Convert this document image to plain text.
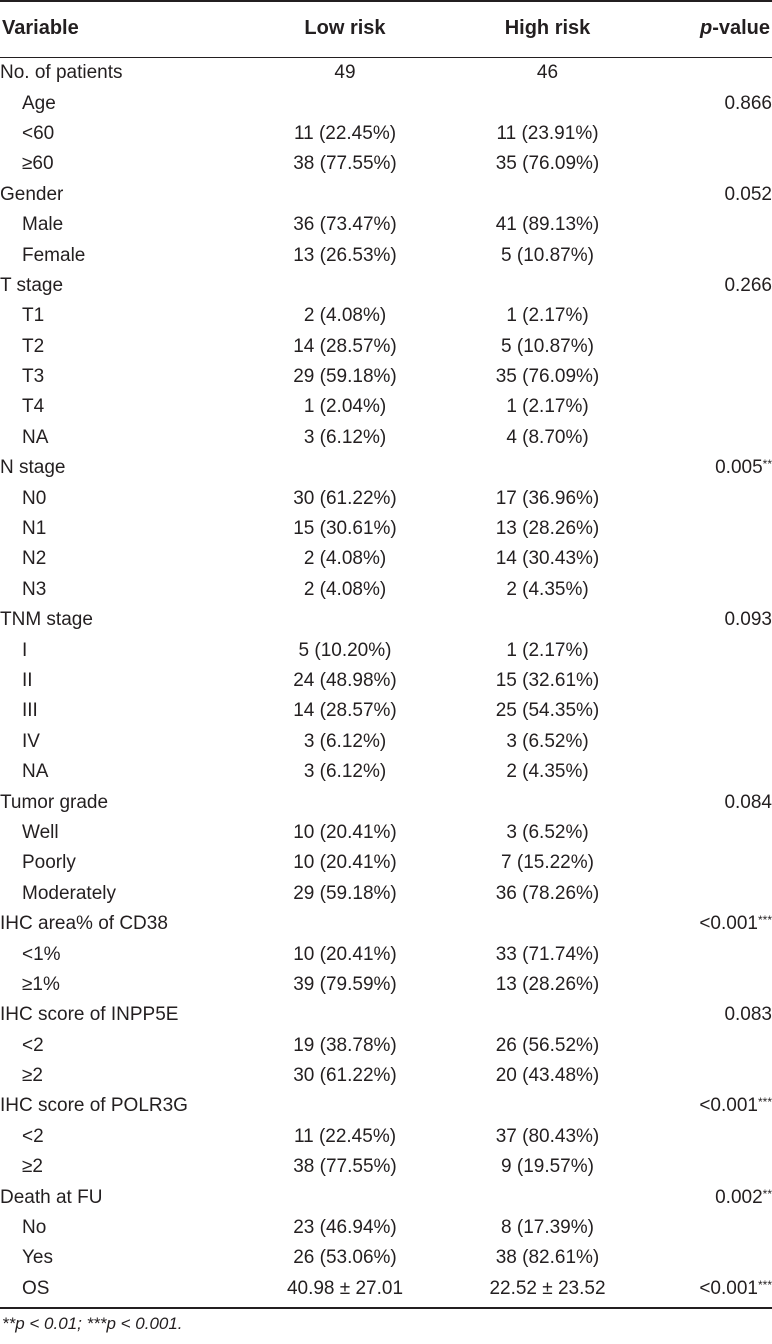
Variable	Low risk	High risk	p-value
No. of patients	49	46	
Age			0.866
<60	11 (22.45%)	11 (23.91%)	
≥60	38 (77.55%)	35 (76.09%)	
Gender			0.052
Male	36 (73.47%)	41 (89.13%)	
Female	13 (26.53%)	5 (10.87%)	
T stage			0.266
T1	2 (4.08%)	1 (2.17%)	
T2	14 (28.57%)	5 (10.87%)	
T3	29 (59.18%)	35 (76.09%)	
T4	1 (2.04%)	1 (2.17%)	
NA	3 (6.12%)	4 (8.70%)	
N stage			0.005**
N0	30 (61.22%)	17 (36.96%)	
N1	15 (30.61%)	13 (28.26%)	
N2	2 (4.08%)	14 (30.43%)	
N3	2 (4.08%)	2 (4.35%)	
TNM stage			0.093
I	5 (10.20%)	1 (2.17%)	
II	24 (48.98%)	15 (32.61%)	
III	14 (28.57%)	25 (54.35%)	
IV	3 (6.12%)	3 (6.52%)	
NA	3 (6.12%)	2 (4.35%)	
Tumor grade			0.084
Well	10 (20.41%)	3 (6.52%)	
Poorly	10 (20.41%)	7 (15.22%)	
Moderately	29 (59.18%)	36 (78.26%)	
IHC area% of CD38			<0.001***
<1%	10 (20.41%)	33 (71.74%)	
≥1%	39 (79.59%)	13 (28.26%)	
IHC score of INPP5E			0.083
<2	19 (38.78%)	26 (56.52%)	
≥2	30 (61.22%)	20 (43.48%)	
IHC score of POLR3G			<0.001***
<2	11 (22.45%)	37 (80.43%)	
≥2	38 (77.55%)	9 (19.57%)	
Death at FU			0.002**
No	23 (46.94%)	8 (17.39%)	
Yes	26 (53.06%)	38 (82.61%)	
OS	40.98 ± 27.01	22.52 ± 23.52	<0.001***
**p < 0.01; ***p < 0.001.
